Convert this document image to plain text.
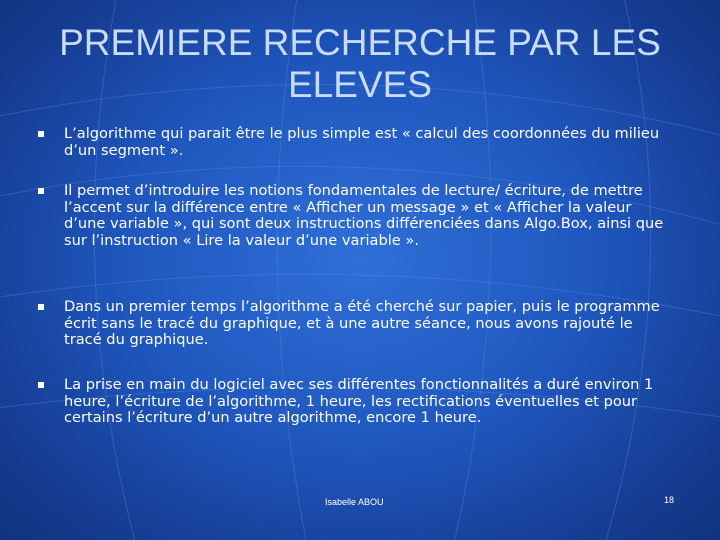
PREMIERE RECHERCHE PAR LES ELEVES
L’algorithme qui parait être le plus simple est « calcul des coordonnées du milieu d’un segment ».
Il permet d’introduire les notions fondamentales de lecture/ écriture, de mettre l’accent sur la différence entre « Afficher un message » et « Afficher la valeur d’une variable », qui sont deux instructions différenciées dans Algo.Box, ainsi que sur l’instruction « Lire la valeur d’une variable ».
Dans un premier temps l’algorithme a été cherché sur papier, puis le programme écrit sans le tracé du graphique, et à une autre séance, nous avons rajouté le tracé du graphique.
La prise en main du logiciel avec ses différentes fonctionnalités a duré environ 1 heure, l’écriture de l’algorithme, 1 heure, les rectifications éventuelles et pour certains l’écriture d’un autre algorithme, encore 1 heure.
Isabelle ABOU	18
